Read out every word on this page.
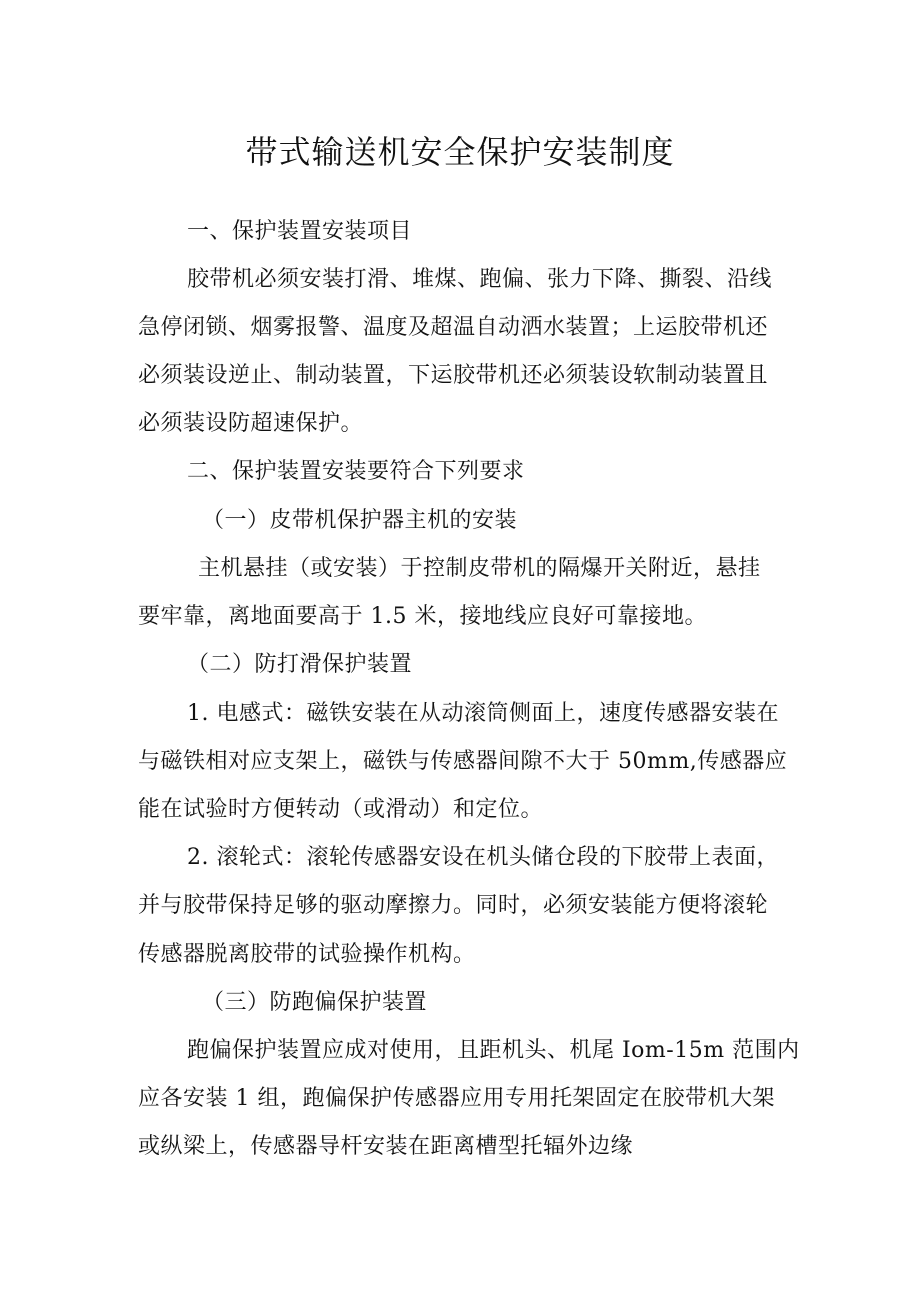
带式输送机安全保护安装制度
一、保护装置安装项目
胶带机必须安装打滑、堆煤、跑偏、张力下降、撕裂、沿线
急停闭锁、烟雾报警、温度及超温自动洒水装置；上运胶带机还
必须装设逆止、制动装置，下运胶带机还必须装设软制动装置且
必须装设防超速保护。
二、保护装置安装要符合下列要求
（一）皮带机保护器主机的安装
主机悬挂（或安装）于控制皮带机的隔爆开关附近，悬挂
要牢靠，离地面要高于 1.5 米，接地线应良好可靠接地。
（二）防打滑保护装置
1. 电感式：磁铁安装在从动滚筒侧面上，速度传感器安装在
与磁铁相对应支架上，磁铁与传感器间隙不大于 50mm,传感器应
能在试验时方便转动（或滑动）和定位。
2. 滚轮式：滚轮传感器安设在机头储仓段的下胶带上表面，
并与胶带保持足够的驱动摩擦力。同时，必须安装能方便将滚轮
传感器脱离胶带的试验操作机构。
（三）防跑偏保护装置
跑偏保护装置应成对使用，且距机头、机尾 Iom-15m 范围内
应各安装 1 组，跑偏保护传感器应用专用托架固定在胶带机大架
或纵梁上，传感器导杆安装在距离槽型托辐外边缘
